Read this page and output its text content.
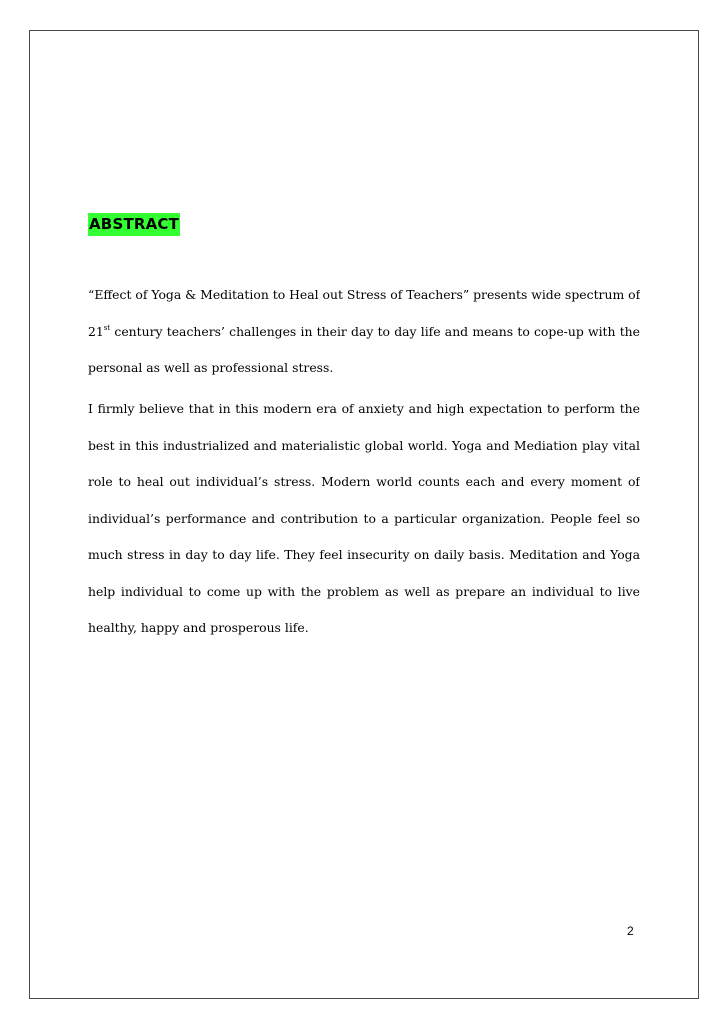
ABSTRACT
“Effect of Yoga & Meditation to Heal out Stress of Teachers” presents wide spectrum of
21st century teachers’ challenges in their day to day life and means to cope-up with the
personal as well as professional stress.
I firmly believe that in this modern era of anxiety and high expectation to perform the
best in this industrialized and materialistic global world. Yoga and Mediation play vital
role to heal out individual’s stress. Modern world counts each and every moment of
individual’s performance and contribution to a particular organization. People feel so
much stress in day to day life. They feel insecurity on daily basis. Meditation and Yoga
help individual to come up with the problem as well as prepare an individual to live
healthy, happy and prosperous life.
2
